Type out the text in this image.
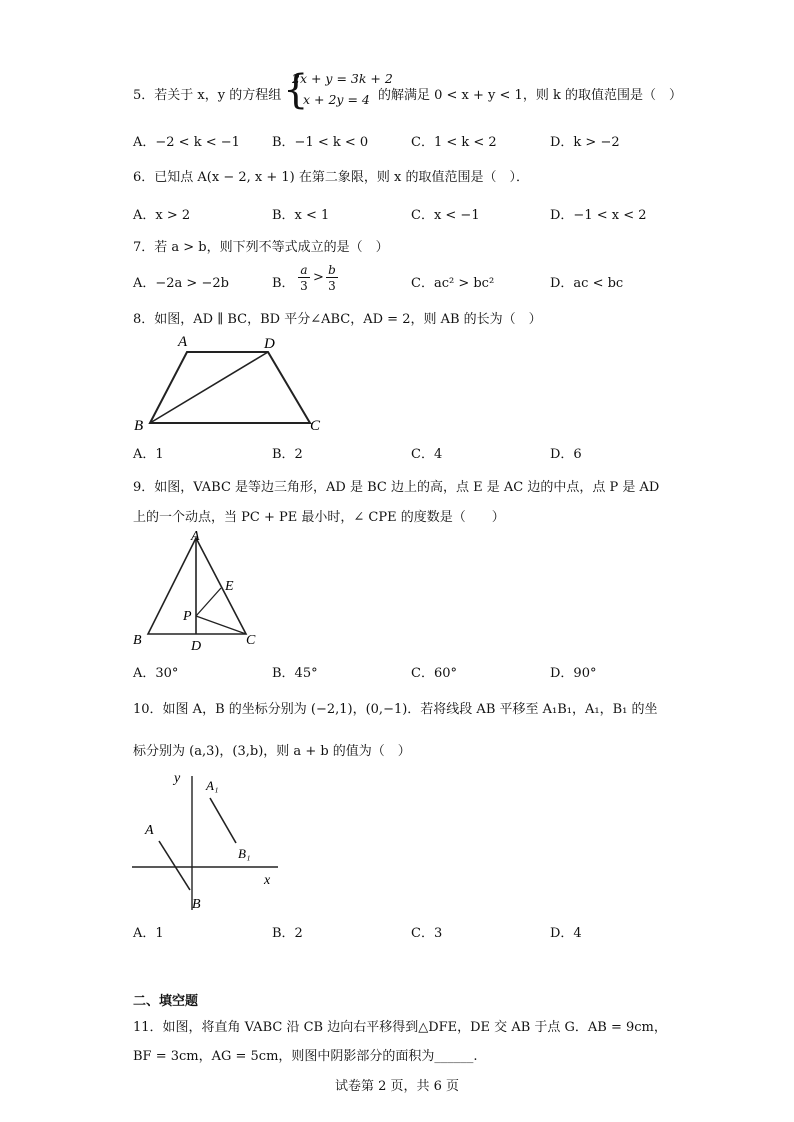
5．若关于 x，y 的方程组 {
2x + y = 3k + 2
x + 2y = 4 的解满足 0 < x + y < 1，则 k 的取值范围是（　）
A．−2 < k < −1 B．−1 < k < 0	C．1 < k < 2	D．k > −2
6．已知点 A(x − 2, x + 1) 在第二象限，则 x 的取值范围是（　）．
A．x > 2	B．x < 1	C．x < −1	D．−1 < x < 2
7．若 a > b，则下列不等式成立的是（　）
A．−2a > −2b	B．
a
3
> b
3	C．ac² > bc²	D．ac < bc
8．如图，AD ∥ BC，BD 平分∠ABC，AD = 2，则 AB 的长为（　）
A	D
B	C
A．1	B．2	C．4	D．6
9．如图，VABC 是等边三角形，AD 是 BC 边上的高，点 E 是 AC 边的中点，点 P 是 AD
上的一个动点，当 PC + PE 最小时，∠ CPE 的度数是（　　）
A
E
P
B	D	C
A．30°	B．45°	C．60°	D．90°
10．如图 A，B 的坐标分别为 (−2,1)，(0,−1)．若将线段 AB 平移至 A₁B₁，A₁，B₁ 的坐
标分别为 (a,3)，(3,b)，则 a + b 的值为（　）
y A₁
A
B₁
x
B
A．1	B．2	C．3	D．4
二、填空题
11．如图，将直角 VABC 沿 CB 边向右平移得到△DFE，DE 交 AB 于点 G．AB = 9cm，
BF = 3cm，AG = 5cm，则图中阴影部分的面积为______.
试卷第 2 页，共 6 页
